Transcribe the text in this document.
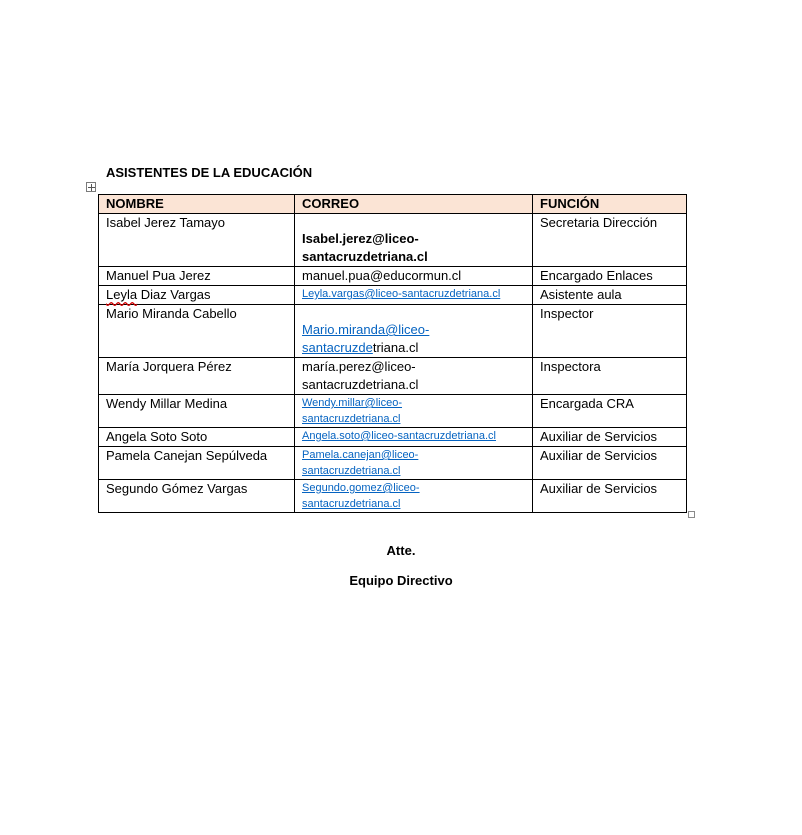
ASISTENTES DE LA EDUCACIÓN
NOMBRE	CORREO	FUNCIÓN

Isabel Jerez Tamayo	Isabel.jerez@liceo-
santacruzdetriana.cl	Secretaria Dirección

Manuel Pua Jerez	manuel.pua@educormun.cl	Encargado Enlaces

Leyla Diaz Vargas	Leyla.vargas@liceo-santacruzdetriana.cl	Asistente aula

Mario Miranda Cabello	Mario.miranda@liceo-
santacruzdetriana.cl	Inspector

María Jorquera Pérez	maría.perez@liceo-
santacruzdetriana.cl	Inspectora

Wendy Millar Medina	Wendy.millar@liceo-
santacruzdetriana.cl	Encargada CRA

Angela Soto Soto	Angela.soto@liceo-santacruzdetriana.cl	Auxiliar de Servicios

Pamela Canejan Sepúlveda	Pamela.canejan@liceo-
santacruzdetriana.cl	Auxiliar de Servicios

Segundo Gómez Vargas	Segundo.gomez@liceo-
santacruzdetriana.cl	Auxiliar de Servicios
Atte.
Equipo Directivo
